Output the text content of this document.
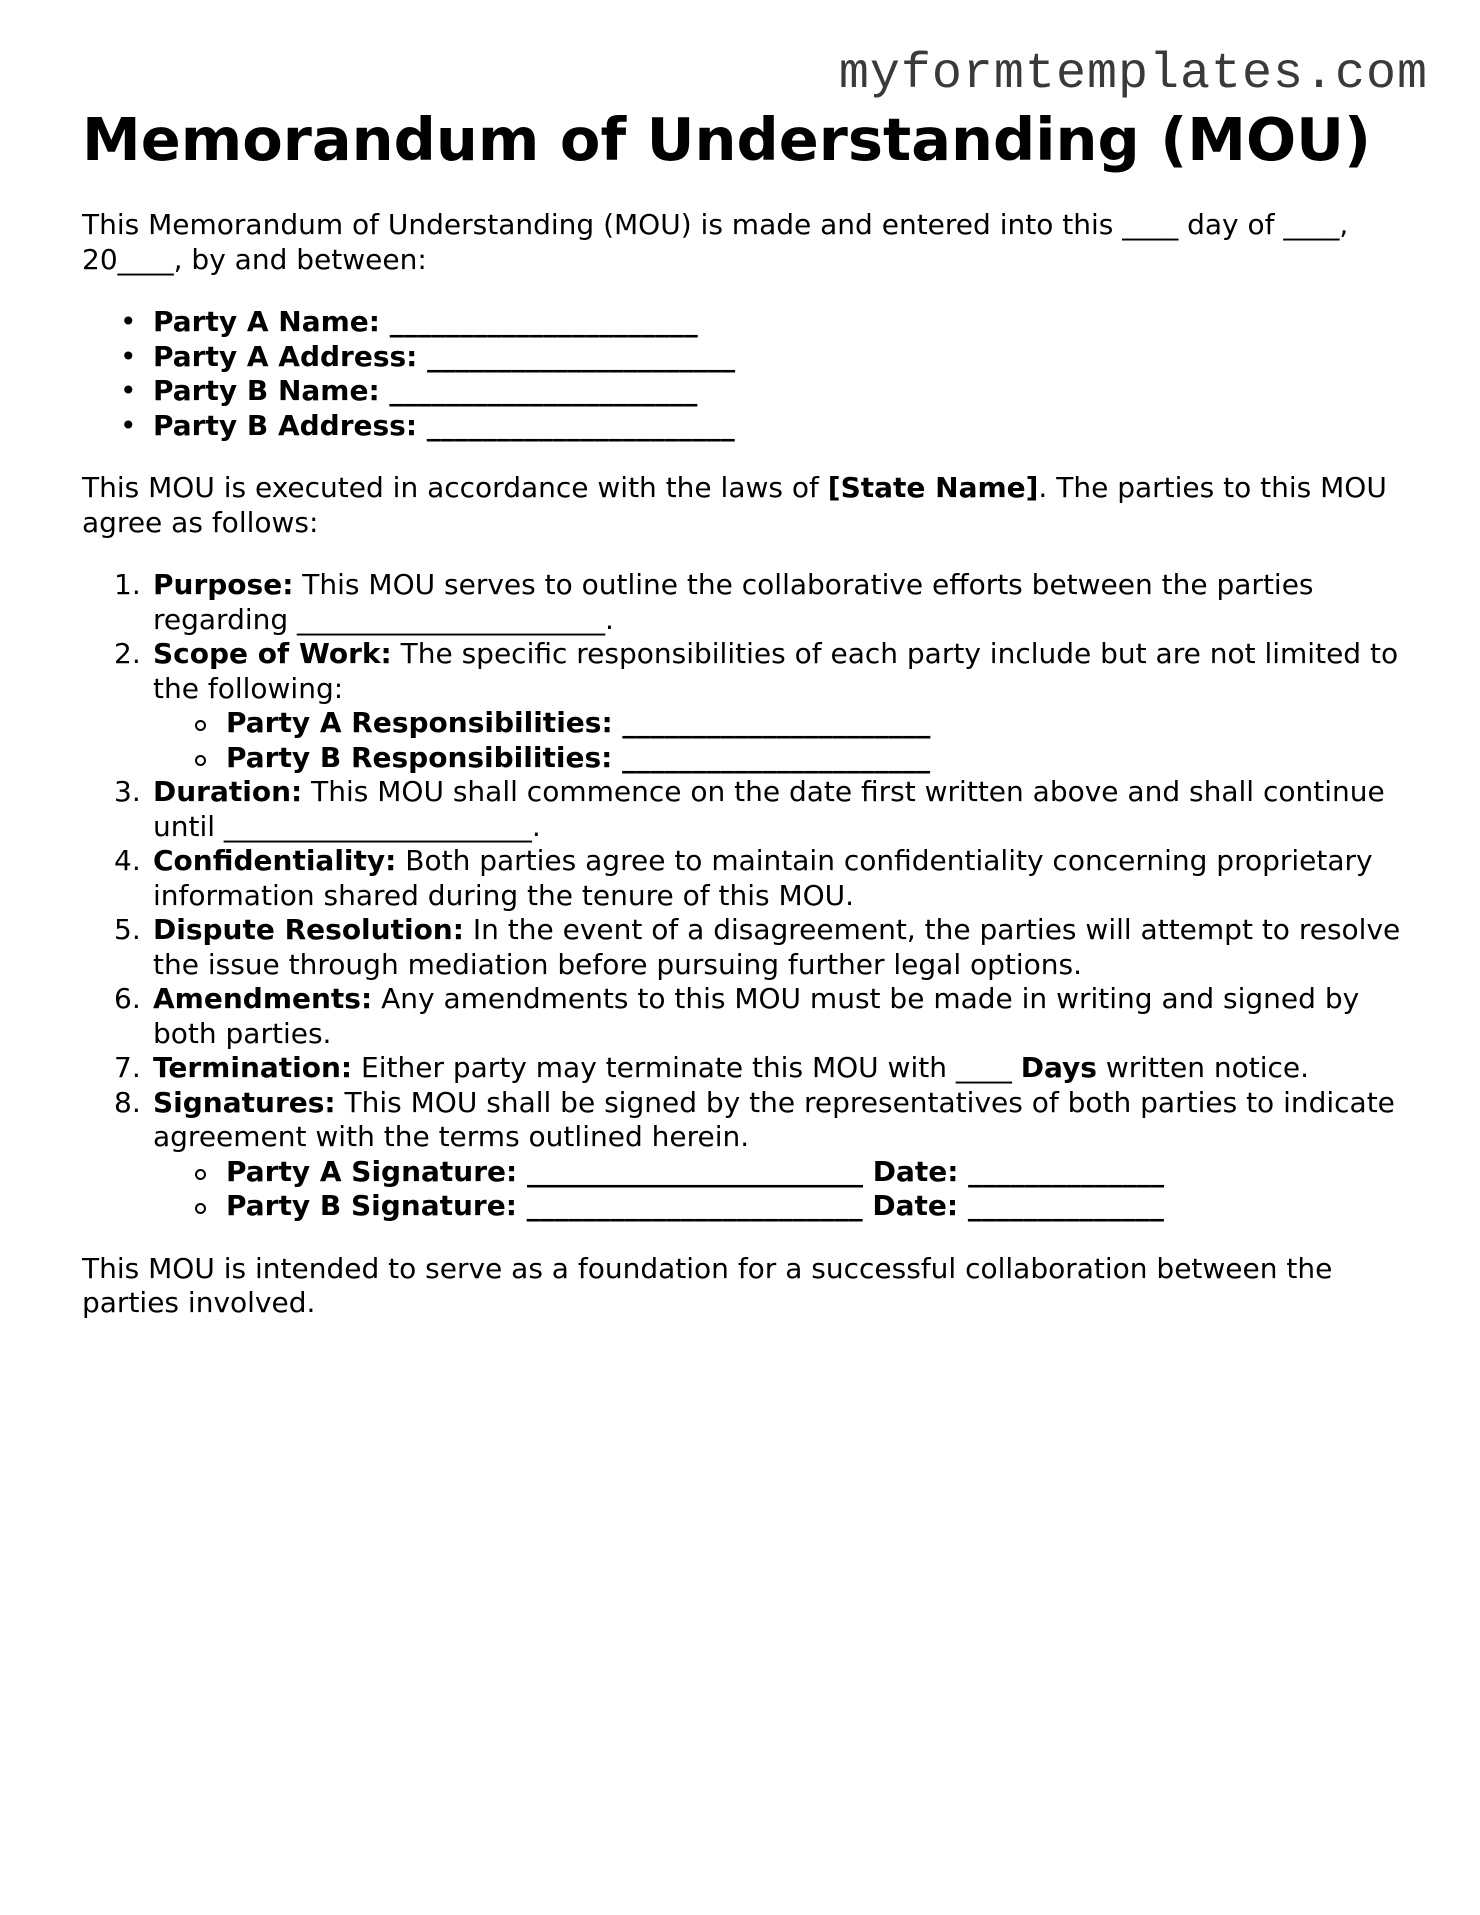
myformtemplates.com
Memorandum of Understanding (MOU)

This Memorandum of Understanding (MOU) is made and entered into this ____ day of ____, 20____, by and between:

• Party A Name: ______________________
• Party A Address: ______________________
• Party B Name: ______________________
• Party B Address: ______________________

This MOU is executed in accordance with the laws of [State Name]. The parties to this MOU agree as follows:

1. Purpose: This MOU serves to outline the collaborative efforts between the parties regarding ______________________.
2. Scope of Work: The specific responsibilities of each party include but are not limited to the following:
Party A Responsibilities: ______________________
Party B Responsibilities: ______________________
3. Duration: This MOU shall commence on the date first written above and shall continue until ______________________.
4. Confidentiality: Both parties agree to maintain confidentiality concerning proprietary information shared during the tenure of this MOU.
5. Dispute Resolution: In the event of a disagreement, the parties will attempt to resolve the issue through mediation before pursuing further legal options.
6. Amendments: Any amendments to this MOU must be made in writing and signed by both parties.
7. Termination: Either party may terminate this MOU with ____ Days written notice.
8. Signatures: This MOU shall be signed by the representatives of both parties to indicate agreement with the terms outlined herein.
Party A Signature: ________________________ Date: ______________
Party B Signature: ________________________ Date: ______________

This MOU is intended to serve as a foundation for a successful collaboration between the parties involved.
